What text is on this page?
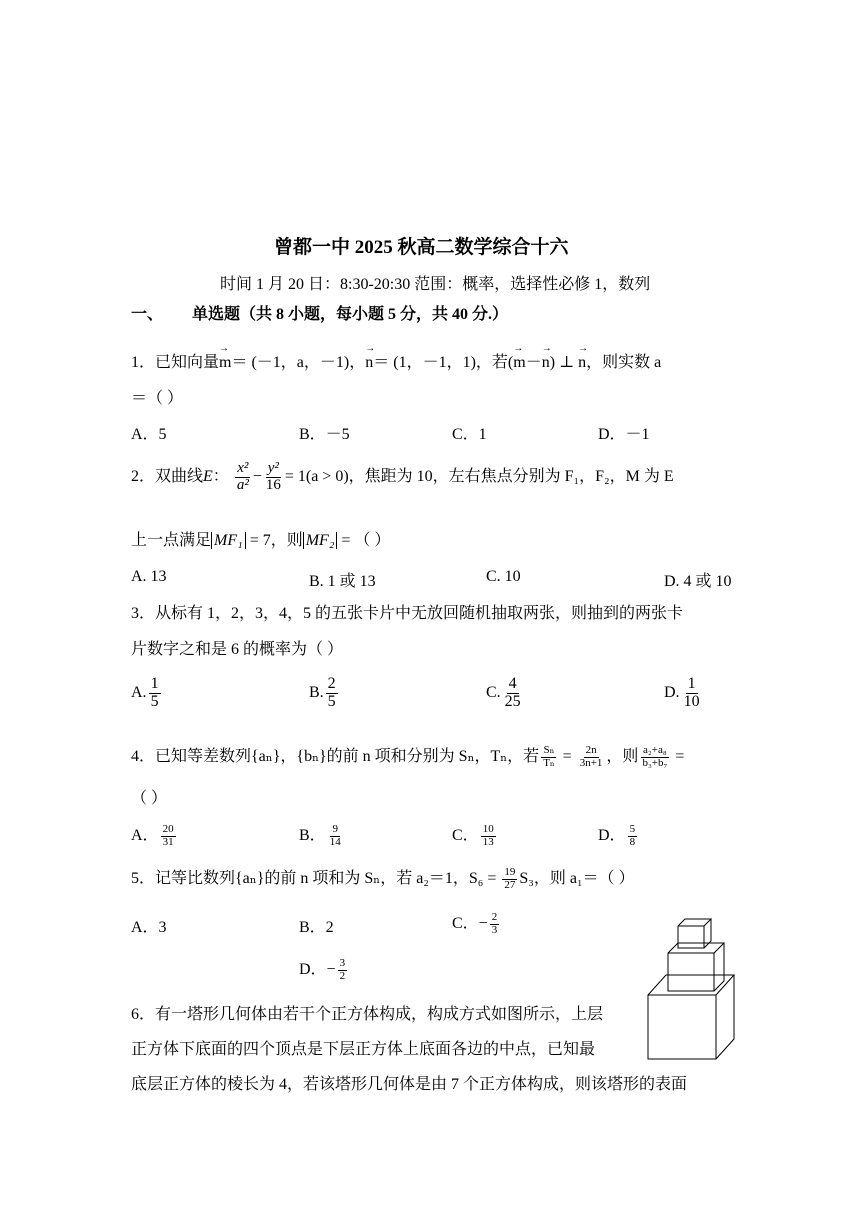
曾都一中 2025 秋高二数学综合十六
时间 1 月 20 日：8:30-20:30 范围：概率，选择性必修 1，数列
一、 单选题（共 8 小题，每小题 5 分，共 40 分.）
1．已知向量→ m＝ (－1，a，－1)，→ n＝ (1，－1，1)，若(→ m－→ n) ⊥ → n，则实数 a
＝（ ）
A．5	B．－5	C．1	D．－1
2．双曲线E： $\frac{\text{x²}}{\text{a²}} - \frac{\text{y²}}{16} = 1(a > 0)$，焦距为 10，左右焦点分别为 F₁，F₂，M 为 E
上一点满足 MF₁ = 7，则 MF₂ = （ ）
A. 13	B. 1 或 13	C. 10	D. 4 或 10
3．从标有 1，2，3，4，5 的五张卡片中无放回随机抽取两张，则抽到的两张卡
片数字之和是 6 的概率为（ ）
A. $\frac{1}{5}$	B. $\frac{2}{5}$	C. $\frac{4}{25}$	D. $\frac{1}{10}$
4．已知等差数列{aₙ}，{bₙ}的前 n 项和分别为 Sₙ，Tₙ，若 $\frac{\text{Sₙ}}{\text{Tₙ}} = \frac{2n}{3n+1}$ ，则 $\frac{\text{a₂+a₈}}{\text{b₃+b₇}}$ =
（ ）
A． $\frac{20}{31}$	B． $\frac{9}{14}$	C． $\frac{10}{13}$	D． $\frac{5}{8}$
5．记等比数列{aₙ}的前 n 项和为 Sₙ，若 a₂＝1，$S_6 = \frac{19}{27} S_3$，则 a₁＝（ ）
A．3	B．2	C．− $\frac{2}{3}$
D．− $\frac{3}{2}$
6．有一塔形几何体由若干个正方体构成，构成方式如图所示，上层
正方体下底面的四个顶点是下层正方体上底面各边的中点，已知最
底层正方体的棱长为 4，若该塔形几何体是由 7 个正方体构成，则该塔形的表面
